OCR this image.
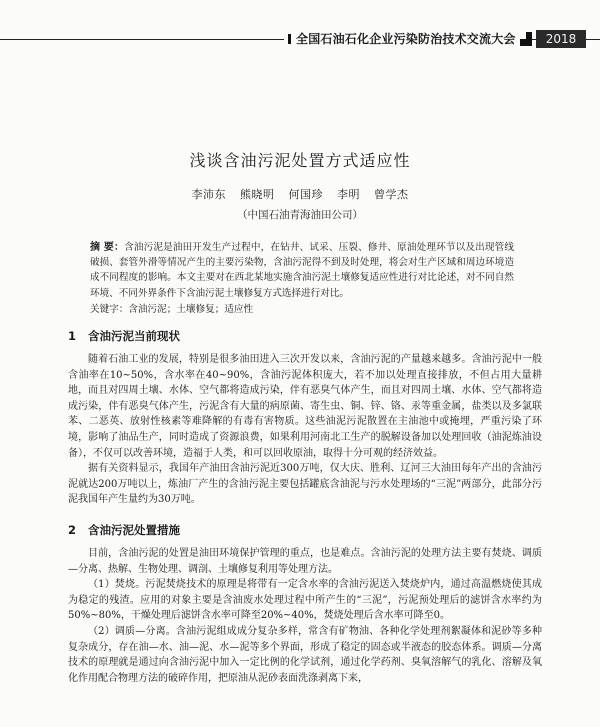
全国石油石化企业污染防治技术交流大会	2018
浅谈含油污泥处置方式适应性
李沛东 熊晓明 何国珍 李明 曾学杰
（中国石油青海油田公司）
摘 要：含油污泥是油田开发生产过程中，在钻井、试采、压裂、修井、原油处理环节以及出现管线破损、套管外滑等情况产生的主要污染物，含油污泥得不到及时处理，将会对生产区域和周边环境造成不同程度的影响。本文主要对在西北某地实施含油污泥土壤修复适应性进行对比论述，对不同自然环境、不同外界条件下含油污泥土壤修复方式选择进行对比。
关键字：含油污泥；土壤修复；适应性
1 含油污泥当前现状

随着石油工业的发展，特别是很多油田进入三次开发以来，含油污泥的产量越来越多。含油污泥中一般含油率在10~50%，含水率在40~90%，含油污泥体积庞大，若不加以处理直接排放，不但占用大量耕地，而且对四周土壤、水体、空气都将造成污染，伴有恶臭气体产生，而且对四周土壤、水体、空气都将造成污染，伴有恶臭气体产生，污泥含有大量的病原菌、寄生虫、铜、锌、铬、汞等重金属，盐类以及多氯联苯、二恶英、放射性核素等难降解的有毒有害物质。这些油泥污泥散置在主油池中或掩埋，严重污染了环境，影响了油品生产，同时造成了资源浪费，如果利用河南北工生产的脱解设备加以处理回收（油泥炼油设备），不仅可以改善环境，造福于人类，和可以回收原油，取得十分可观的经济效益。

据有关资料显示，我国年产油田含油污泥近300万吨，仅大庆、胜利、辽河三大油田每年产出的含油污泥就达200万吨以上，炼油厂产生的含油污泥主要包括罐底含油泥与污水处理场的“三泥”两部分，此部分污泥我国年产生量约为30万吨。

2 含油污泥处置措施

目前，含油污泥的处置是油田环境保护管理的重点，也是难点。含油污泥的处理方法主要有焚烧、调质—分离、热解、生物处理、调剖、土壤修复利用等处理方法。

（1）焚烧。污泥焚烧技术的原理是将带有一定含水率的含油污泥送入焚烧炉内，通过高温燃烧使其成为稳定的残渣。应用的对象主要是含油废水处理过程中所产生的“三泥”，污泥预处理后的滤饼含水率约为50%~80%，干燥处理后滤饼含水率可降至20%~40%，焚烧处理后含水率可降至0。

（2）调质—分离。含油污泥组成成分复杂多样，常含有矿物油、各种化学处理剂絮凝体和泥砂等多种复杂成分，存在油—水、油—泥、水—泥等多个界面，形成了稳定的固态或半液态的胶态体系。调质—分离技术的原理就是通过向含油污泥中加入一定比例的化学试剂，通过化学药剂、臭氧溶解气的乳化、溶解及氧化作用配合物理方法的破碎作用，把原油从泥砂表面洗涤剥离下来，
